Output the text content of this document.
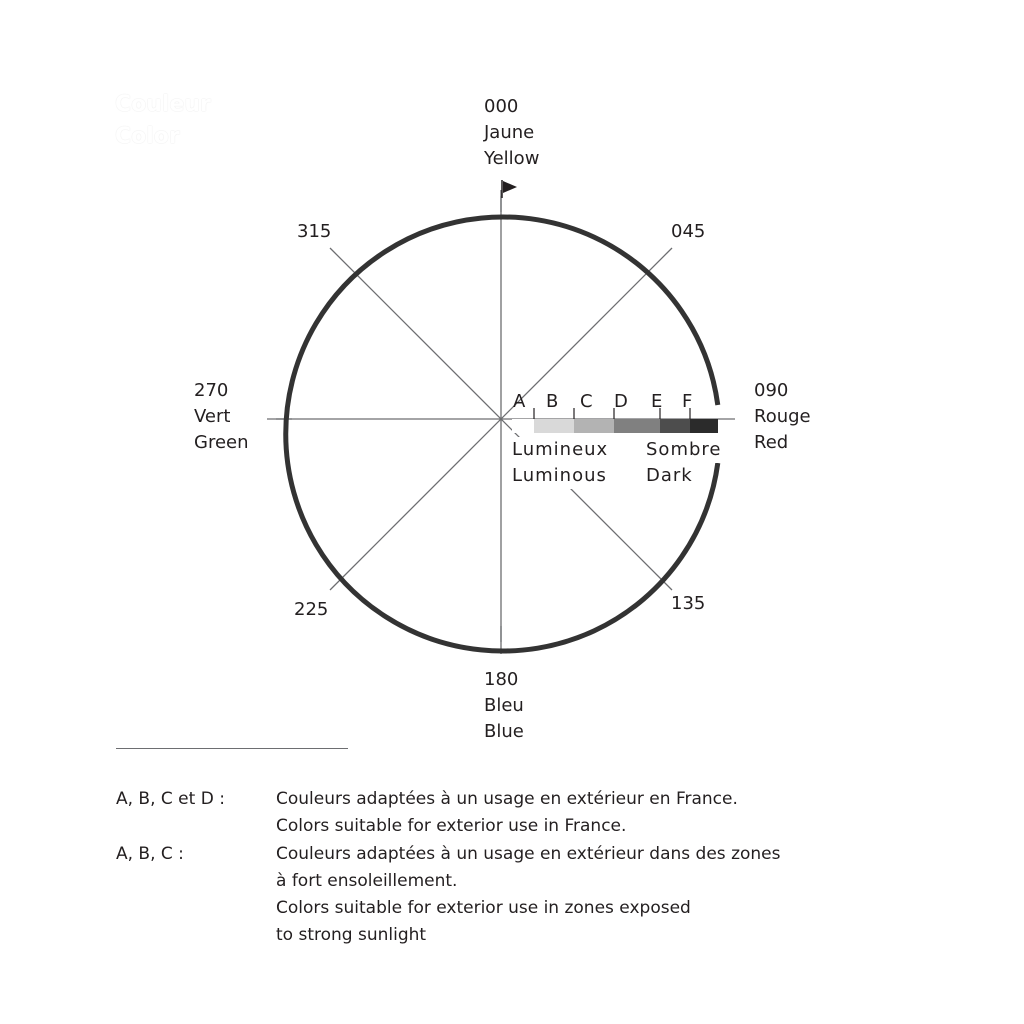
Couleur
Color
000
Jaune
Yellow
045
090
Rouge
Red
135
180
Bleu
Blue
225
270
Vert
Green
315
A B C D E F
Lumineux
Luminous
Sombre
Dark
A, B, C et D :	Couleurs adaptées à un usage en extérieur en France.
Colors suitable for exterior use in France.
A, B, C :	Couleurs adaptées à un usage en extérieur dans des zones
à fort ensoleillement.
Colors suitable for exterior use in zones exposed
to strong sunlight
